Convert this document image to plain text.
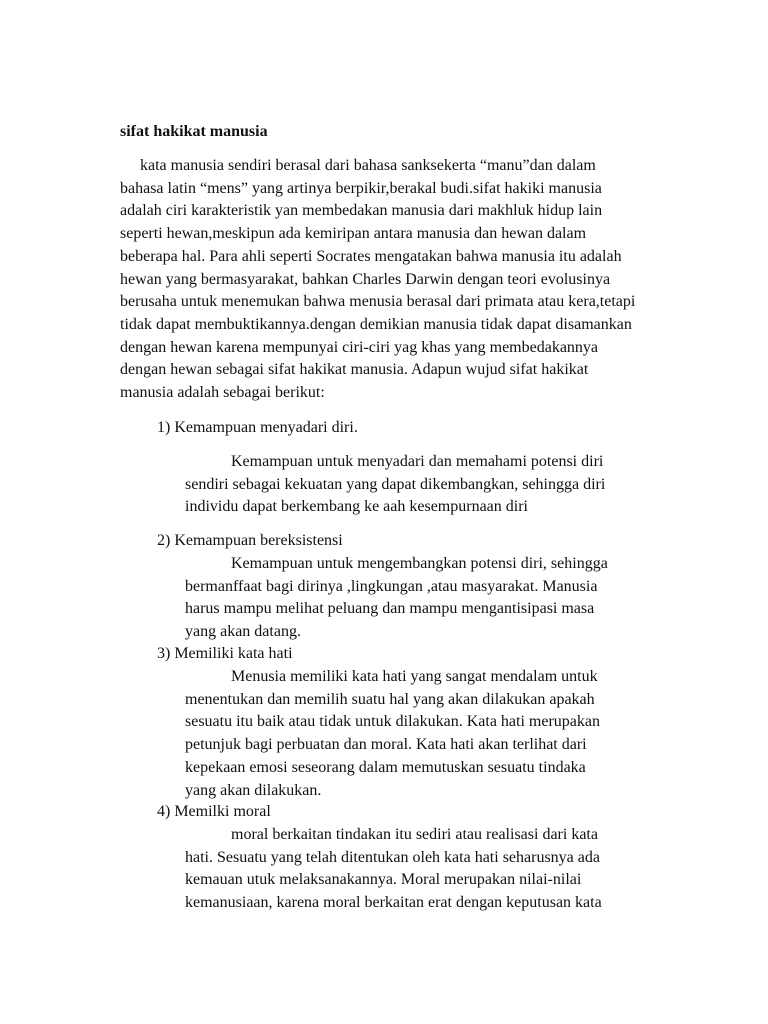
sifat hakikat manusia

kata manusia sendiri berasal dari bahasa sanksekerta “manu”dan dalam
bahasa latin “mens” yang artinya berpikir,berakal budi.sifat hakiki manusia
adalah ciri karakteristik yan membedakan manusia dari makhluk hidup lain
seperti hewan,meskipun ada kemiripan antara manusia dan hewan dalam
beberapa hal. Para ahli seperti Socrates mengatakan bahwa manusia itu adalah
hewan yang bermasyarakat, bahkan Charles Darwin dengan teori evolusinya
berusaha untuk menemukan bahwa menusia berasal dari primata atau kera,tetapi
tidak dapat membuktikannya.dengan demikian manusia tidak dapat disamankan
dengan hewan karena mempunyai ciri-ciri yag khas yang membedakannya
dengan hewan sebagai sifat hakikat manusia. Adapun wujud sifat hakikat
manusia adalah sebagai berikut:

1) Kemampuan menyadari diri.

Kemampuan untuk menyadari dan memahami potensi diri
sendiri sebagai kekuatan yang dapat dikembangkan, sehingga diri
individu dapat berkembang ke aah kesempurnaan diri

2) Kemampuan bereksistensi

Kemampuan untuk mengembangkan potensi diri, sehingga
bermanffaat bagi dirinya ,lingkungan ,atau masyarakat. Manusia
harus mampu melihat peluang dan mampu mengantisipasi masa
yang akan datang.

3) Memiliki kata hati

Menusia memiliki kata hati yang sangat mendalam untuk
menentukan dan memilih suatu hal yang akan dilakukan apakah
sesuatu itu baik atau tidak untuk dilakukan. Kata hati merupakan
petunjuk bagi perbuatan dan moral. Kata hati akan terlihat dari
kepekaan emosi seseorang dalam memutuskan sesuatu tindaka
yang akan dilakukan.

4) Memilki moral

moral berkaitan tindakan itu sediri atau realisasi dari kata
hati. Sesuatu yang telah ditentukan oleh kata hati seharusnya ada
kemauan utuk melaksanakannya. Moral merupakan nilai-nilai
kemanusiaan, karena moral berkaitan erat dengan keputusan kata
